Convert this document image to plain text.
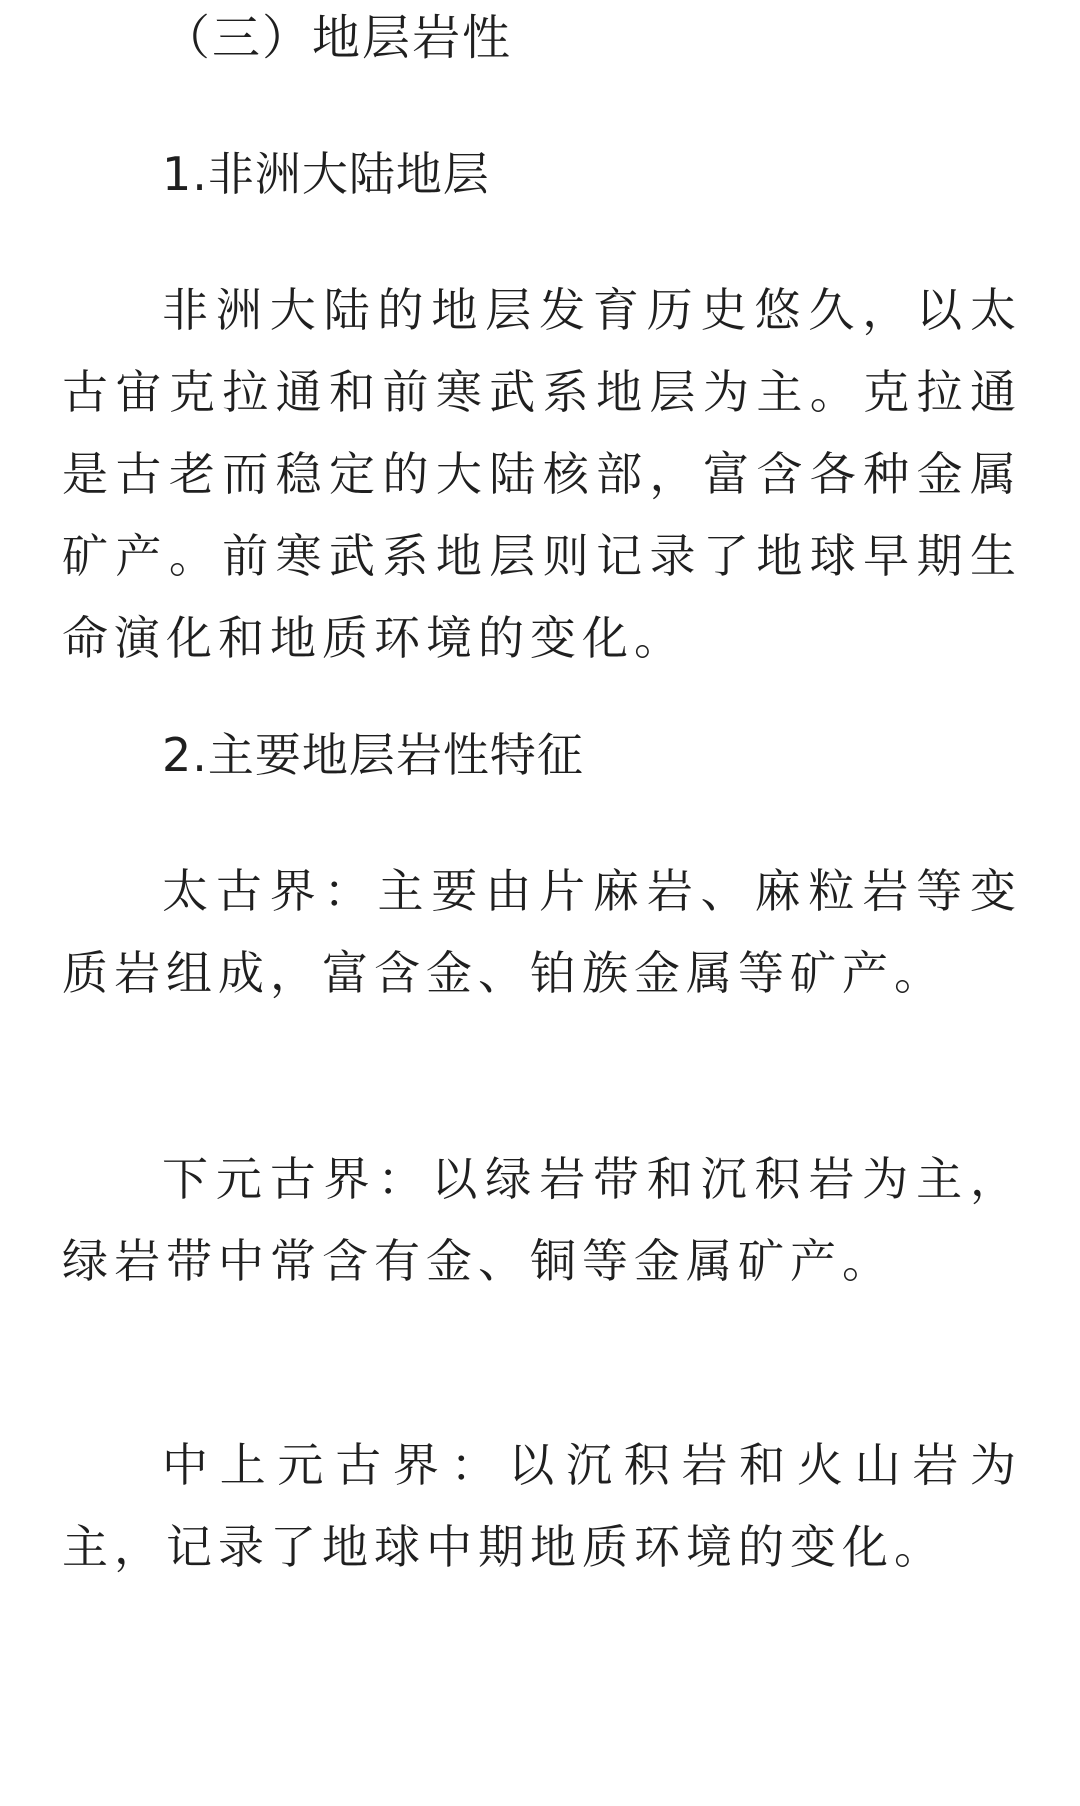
（三）地层岩性
1.非洲大陆地层

非洲大陆的地层发育历史悠久，以太古宙克拉通和前寒武系地层为主。克拉通是古老而稳定的大陆核部，富含各种金属矿产。前寒武系地层则记录了地球早期生命演化和地质环境的变化。

2.主要地层岩性特征

太古界：主要由片麻岩、麻粒岩等变质岩组成，富含金、铂族金属等矿产。

下元古界：以绿岩带和沉积岩为主，绿岩带中常含有金、铜等金属矿产。

中上元古界：以沉积岩和火山岩为主，记录了地球中期地质环境的变化。
